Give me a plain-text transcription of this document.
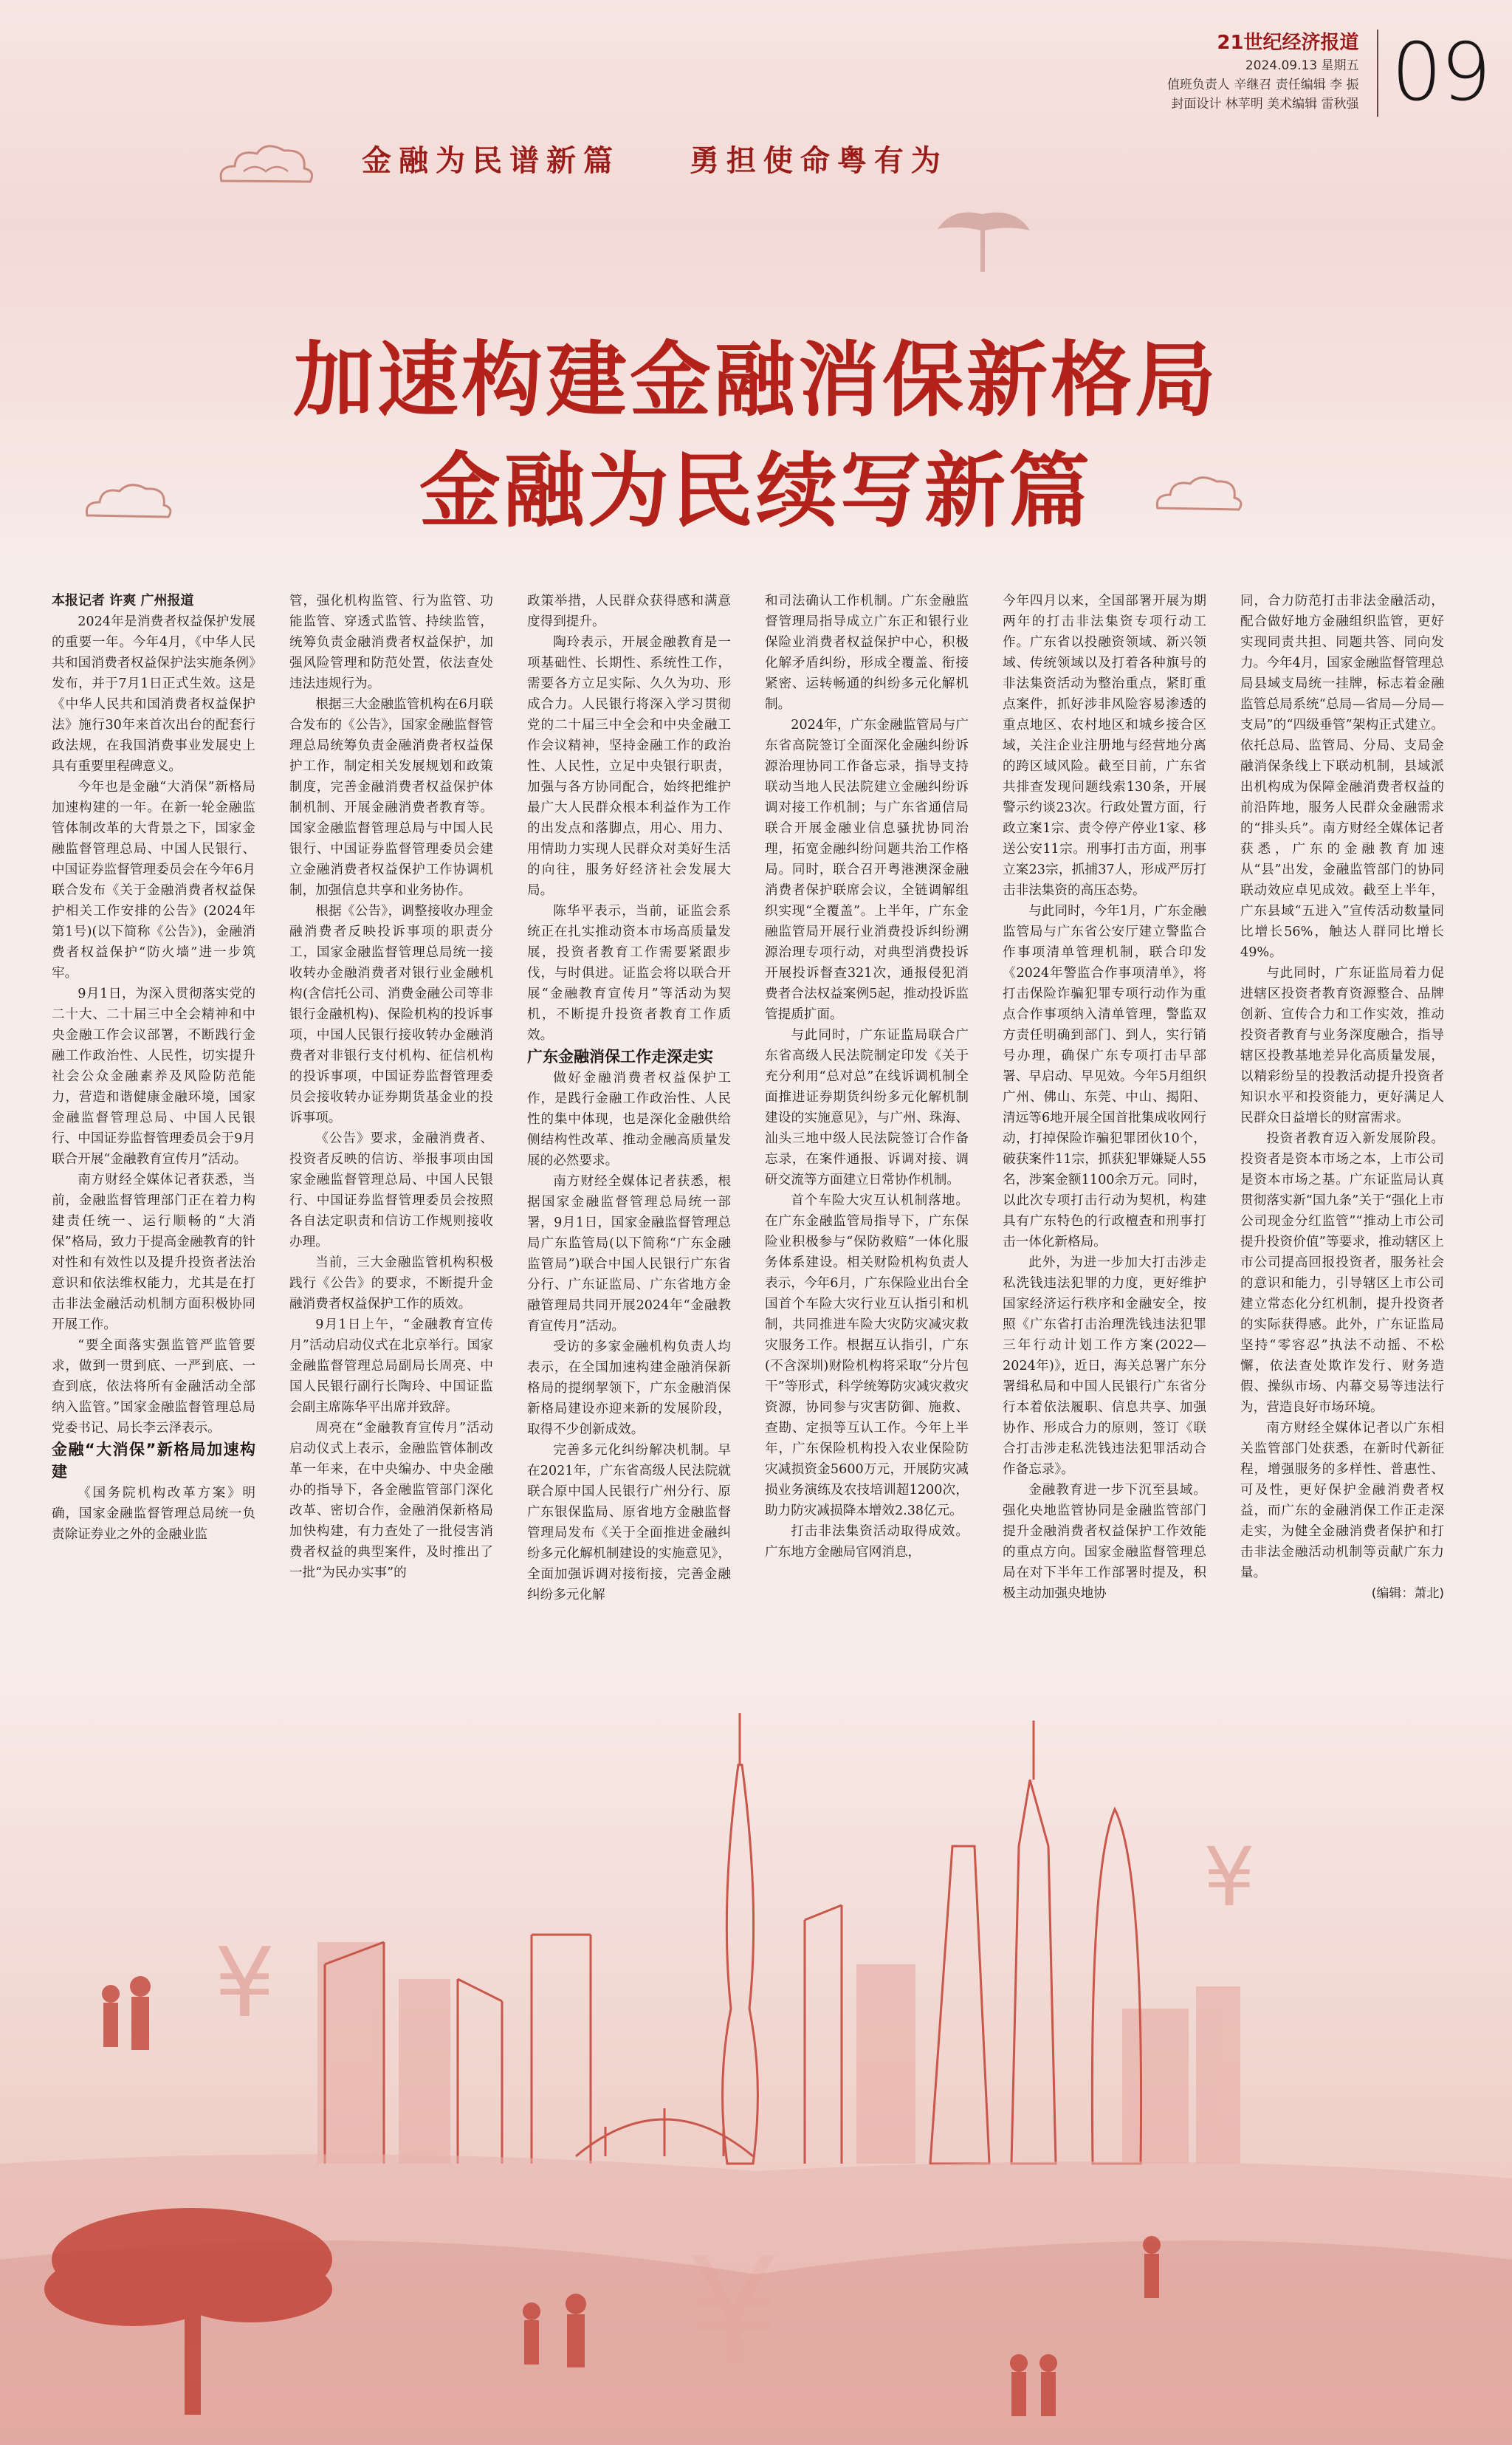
21世纪经济报道
2024.09.13 星期五
值班负责人 辛继召 责任编辑 李 振
封面设计 林苹明 美术编辑 雷秋强 09
金融为民谱新篇 勇担使命粤有为
加速构建金融消保新格局
金融为民续写新篇

本报记者 许爽 广州报道

2024年是消费者权益保护发展的重要一年。今年4月，《中华人民共和国消费者权益保护法实施条例》发布，并于7月1日正式生效。这是《中华人民共和国消费者权益保护法》施行30年来首次出台的配套行政法规，在我国消费事业发展史上具有重要里程碑意义。

今年也是金融“大消保”新格局加速构建的一年。在新一轮金融监管体制改革的大背景之下，国家金融监督管理总局、中国人民银行、中国证券监督管理委员会在今年6月联合发布《关于金融消费者权益保护相关工作安排的公告》(2024年第1号)(以下简称《公告》)，金融消费者权益保护“防火墙”进一步筑牢。

9月1日，为深入贯彻落实党的二十大、二十届三中全会精神和中央金融工作会议部署，不断践行金融工作政治性、人民性，切实提升社会公众金融素养及风险防范能力，营造和谐健康金融环境，国家金融监督管理总局、中国人民银行、中国证券监督管理委员会于9月联合开展“金融教育宣传月”活动。

南方财经全媒体记者获悉，当前，金融监督管理部门正在着力构建责任统一、运行顺畅的“大消保”格局，致力于提高金融教育的针对性和有效性以及提升投资者法治意识和依法维权能力，尤其是在打击非法金融活动机制方面积极协同开展工作。

“要全面落实强监管严监管要求，做到一贯到底、一严到底、一查到底，依法将所有金融活动全部纳入监管。”国家金融监督管理总局党委书记、局长李云泽表示。

金融“大消保”新格局加速构建

《国务院机构改革方案》明确，国家金融监督管理总局统一负责除证券业之外的金融业监

管，强化机构监管、行为监管、功能监管、穿透式监管、持续监管，统筹负责金融消费者权益保护，加强风险管理和防范处置，依法查处违法违规行为。

根据三大金融监管机构在6月联合发布的《公告》，国家金融监督管理总局统筹负责金融消费者权益保护工作，制定相关发展规划和政策制度，完善金融消费者权益保护体制机制、开展金融消费者教育等。国家金融监督管理总局与中国人民银行、中国证券监督管理委员会建立金融消费者权益保护工作协调机制，加强信息共享和业务协作。

根据《公告》，调整接收办理金融消费者反映投诉事项的职责分工，国家金融监督管理总局统一接收转办金融消费者对银行业金融机构(含信托公司、消费金融公司等非银行金融机构)、保险机构的投诉事项，中国人民银行接收转办金融消费者对非银行支付机构、征信机构的投诉事项，中国证券监督管理委员会接收转办证券期货基金业的投诉事项。

《公告》要求，金融消费者、投资者反映的信访、举报事项由国家金融监督管理总局、中国人民银行、中国证券监督管理委员会按照各自法定职责和信访工作规则接收办理。

当前，三大金融监管机构积极践行《公告》的要求，不断提升金融消费者权益保护工作的质效。

9月1日上午，“金融教育宣传月”活动启动仪式在北京举行。国家金融监督管理总局副局长周亮、中国人民银行副行长陶玲、中国证监会副主席陈华平出席并致辞。

周亮在“金融教育宣传月”活动启动仪式上表示，金融监管体制改革一年来，在中央编办、中央金融办的指导下，各金融监管部门深化改革、密切合作，金融消保新格局加快构建，有力查处了一批侵害消费者权益的典型案件，及时推出了一批“为民办实事”的

政策举措，人民群众获得感和满意度得到提升。

陶玲表示，开展金融教育是一项基础性、长期性、系统性工作，需要各方立足实际、久久为功、形成合力。人民银行将深入学习贯彻党的二十届三中全会和中央金融工作会议精神，坚持金融工作的政治性、人民性，立足中央银行职责，加强与各方协同配合，始终把维护最广大人民群众根本利益作为工作的出发点和落脚点，用心、用力、用情助力实现人民群众对美好生活的向往，服务好经济社会发展大局。

陈华平表示，当前，证监会系统正在扎实推动资本市场高质量发展，投资者教育工作需要紧跟步伐，与时俱进。证监会将以联合开展“金融教育宣传月”等活动为契机，不断提升投资者教育工作质效。

广东金融消保工作走深走实

做好金融消费者权益保护工作，是践行金融工作政治性、人民性的集中体现，也是深化金融供给侧结构性改革、推动金融高质量发展的必然要求。

南方财经全媒体记者获悉，根据国家金融监督管理总局统一部署，9月1日，国家金融监督管理总局广东监管局(以下简称“广东金融监管局”)联合中国人民银行广东省分行、广东证监局、广东省地方金融管理局共同开展2024年“金融教育宣传月”活动。

受访的多家金融机构负责人均表示，在全国加速构建金融消保新格局的提纲挈领下，广东金融消保新格局建设亦迎来新的发展阶段，取得不少创新成效。

完善多元化纠纷解决机制。早在2021年，广东省高级人民法院就联合原中国人民银行广州分行、原广东银保监局、原省地方金融监督管理局发布《关于全面推进金融纠纷多元化解机制建设的实施意见》，全面加强诉调对接衔接，完善金融纠纷多元化解

和司法确认工作机制。广东金融监督管理局指导成立广东正和银行业保险业消费者权益保护中心，积极化解矛盾纠纷，形成全覆盖、衔接紧密、运转畅通的纠纷多元化解机制。

2024年，广东金融监管局与广东省高院签订全面深化金融纠纷诉源治理协同工作备忘录，指导支持联动当地人民法院建立金融纠纷诉调对接工作机制；与广东省通信局联合开展金融业信息骚扰协同治理，拓宽金融纠纷问题共治工作格局。同时，联合召开粤港澳深金融消费者保护联席会议，全链调解组织实现“全覆盖”。上半年，广东金融监管局开展行业消费投诉纠纷溯源治理专项行动，对典型消费投诉开展投诉督查321次，通报侵犯消费者合法权益案例5起，推动投诉监管提质扩面。

与此同时，广东证监局联合广东省高级人民法院制定印发《关于充分利用“总对总”在线诉调机制全面推进证券期货纠纷多元化解机制建设的实施意见》，与广州、珠海、汕头三地中级人民法院签订合作备忘录，在案件通报、诉调对接、调研交流等方面建立日常协作机制。

首个车险大灾互认机制落地。在广东金融监管局指导下，广东保险业积极参与“保防救赔”一体化服务体系建设。相关财险机构负责人表示，今年6月，广东保险业出台全国首个车险大灾行业互认指引和机制，共同推进车险大灾防灾减灾救灾服务工作。根据互认指引，广东(不含深圳)财险机构将采取“分片包干”等形式，科学统筹防灾减灾救灾资源，协同参与灾害防御、施救、查勘、定损等互认工作。今年上半年，广东保险机构投入农业保险防灾减损资金5600万元，开展防灾减损业务演练及农技培训超1200次，助力防灾减损降本增效2.38亿元。

打击非法集资活动取得成效。广东地方金融局官网消息，

今年四月以来，全国部署开展为期两年的打击非法集资专项行动工作。广东省以投融资领域、新兴领域、传统领域以及打着各种旗号的非法集资活动为整治重点，紧盯重点案件，抓好涉非风险容易渗透的重点地区、农村地区和城乡接合区域，关注企业注册地与经营地分离的跨区域风险。截至目前，广东省共排查发现问题线索130条，开展警示约谈23次。行政处置方面，行政立案1宗、责令停产停业1家、移送公安11宗。刑事打击方面，刑事立案23宗，抓捕37人，形成严厉打击非法集资的高压态势。

与此同时，今年1月，广东金融监管局与广东省公安厅建立警监合作事项清单管理机制，联合印发《2024年警监合作事项清单》，将打击保险诈骗犯罪专项行动作为重点合作事项纳入清单管理，警监双方责任明确到部门、到人，实行销号办理，确保广东专项打击早部署、早启动、早见效。今年5月组织广州、佛山、东莞、中山、揭阳、清远等6地开展全国首批集成收网行动，打掉保险诈骗犯罪团伙10个，破获案件11宗，抓获犯罪嫌疑人55名，涉案金额1100余万元。同时，以此次专项打击行动为契机，构建具有广东特色的行政檀查和刑事打击一体化新格局。

此外，为进一步加大打击涉走私洗钱违法犯罪的力度，更好维护国家经济运行秩序和金融安全，按照《广东省打击治理洗钱违法犯罪三年行动计划工作方案(2022—2024年)》，近日，海关总署广东分署缉私局和中国人民银行广东省分行本着依法履职、信息共享、加强协作、形成合力的原则，签订《联合打击涉走私洗钱违法犯罪活动合作备忘录》。

金融教育进一步下沉至县域。强化央地监管协同是金融监管部门提升金融消费者权益保护工作效能的重点方向。国家金融监督管理总局在对下半年工作部署时提及，积极主动加强央地协

同，合力防范打击非法金融活动，配合做好地方金融组织监管，更好实现同责共担、同题共答、同向发力。今年4月，国家金融监督管理总局县域支局统一挂牌，标志着金融监管总局系统“总局—省局—分局—支局”的“四级垂管”架构正式建立。依托总局、监管局、分局、支局金融消保条线上下联动机制，县域派出机构成为保障金融消费者权益的前沿阵地，服务人民群众金融需求的“排头兵”。南方财经全媒体记者获悉，广东的金融教育加速从“县”出发，金融监管部门的协同联动效应卓见成效。截至上半年，广东县域“五进入”宣传活动数量同比增长56%，触达人群同比增长49%。

与此同时，广东证监局着力促进辖区投资者教育资源整合、品牌创新、宣传合力和工作实效，推动投资者教育与业务深度融合，指导辖区投教基地差异化高质量发展，以精彩纷呈的投教活动提升投资者知识水平和投资能力，更好满足人民群众日益增长的财富需求。

投资者教育迈入新发展阶段。投资者是资本市场之本，上市公司是资本市场之基。广东证监局认真贯彻落实新“国九条”关于“强化上市公司现金分红监管”“推动上市公司提升投资价值”等要求，推动辖区上市公司提高回报投资者，服务社会的意识和能力，引导辖区上市公司建立常态化分红机制，提升投资者的实际获得感。此外，广东证监局坚持“零容忍”执法不动摇、不松懈，依法查处欺诈发行、财务造假、操纵市场、内幕交易等违法行为，营造良好市场环境。

南方财经全媒体记者以广东相关监管部门处获悉，在新时代新征程，增强服务的多样性、普惠性、可及性，更好保护金融消费者权益，而广东的金融消保工作正走深走实，为健全金融消费者保护和打击非法金融活动机制等贡献广东力量。

(编辑：萧北)

¥
¥
